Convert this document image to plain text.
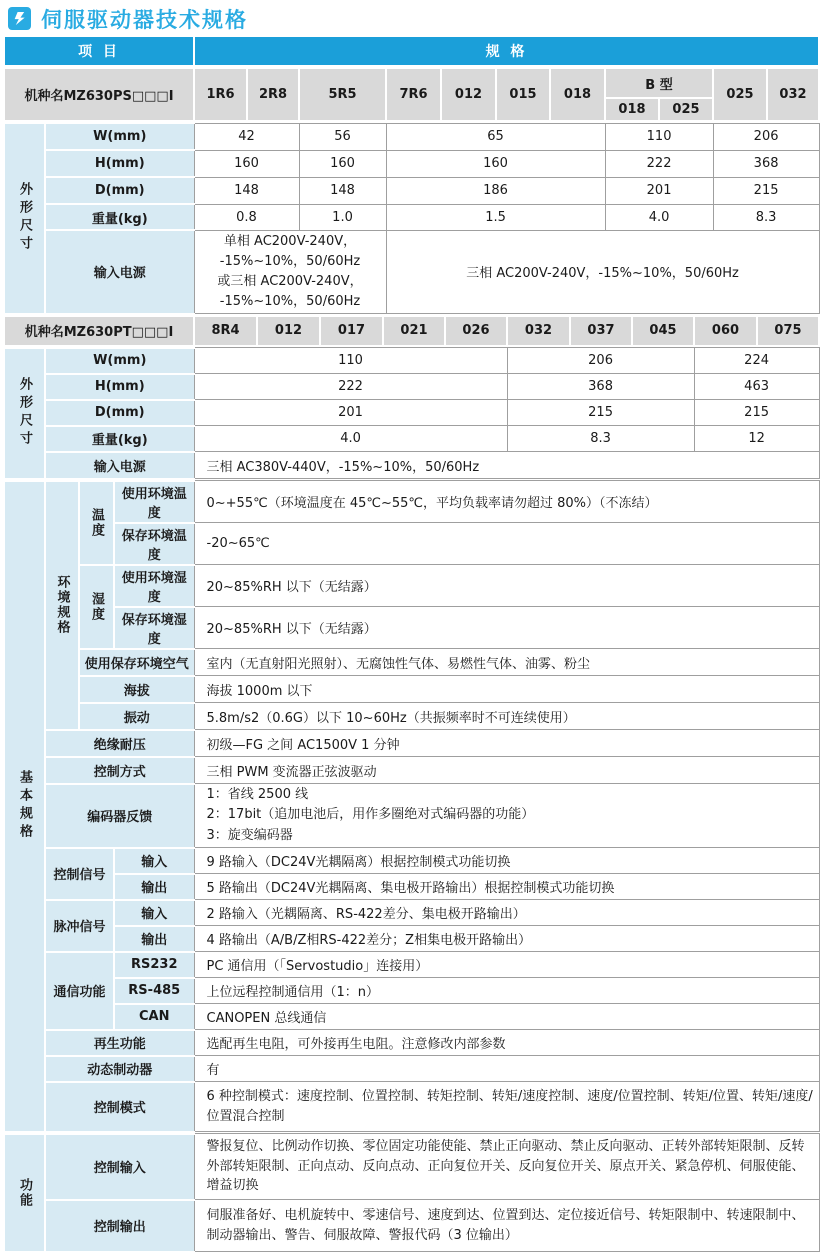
伺服驱动器技术规格
项 目	规 格
机种名MZ630PS□□□I	1R6	2R8	5R5	7R6	012	015	018	B 型		025	032
								018	025		
外形尺寸	W(mm)	42	56	65	110	206
	H(mm)	160	160	160	222	368
	D(mm)	148	148	186	201	215
	重量(kg)	0.8	1.0	1.5	4.0	8.3
	输入电源	单相 AC200V-240V，
-15%~10%，50/60Hz
或三相 AC200V-240V，
-15%~10%，50/60Hz		三相 AC200V-240V，-15%~10%，50/60Hz		
机种名MZ630PT□□□I	8R4	012	017	021	026	032	037	045	060	075
外形尺寸	W(mm)	110	206	224
	H(mm)	222	368	463
	D(mm)	201	215	215
	重量(kg)	4.0	8.3	12
	输入电源	三相 AC380V-440V，-15%~10%，50/60Hz		
基本规格	环境规格	温度	使用环境温度	0~+55℃（环境温度在 45℃~55℃，平均负载率请勿超过 80%）（不冻结）
			保存环境温度	-20~65℃

		湿度	使用环境湿度	20~85%RH 以下（无结露）
			保存环境湿度	20~85%RH 以下（无结露）
		使用保存环境空气		室内（无直射阳光照射）、无腐蚀性气体、易燃性气体、油雾、粉尘
		海拔		海拔 1000m 以下
		振动		5.8m/s2（0.6G）以下 10~60Hz（共振频率时不可连续使用）
	绝缘耐压			初级—FG 之间 AC1500V 1 分钟
	控制方式			三相 PWM 变流器正弦波驱动
	编码器反馈			1：省线 2500 线
2：17bit（追加电池后，用作多圈绝对式编码器的功能）
3：旋变编码器

	控制信号		输入	9 路输入（DC24V光耦隔离）根据控制模式功能切换
			输出	5 路输出（DC24V光耦隔离、集电极开路输出）根据控制模式功能切换
	脉冲信号		输入	2 路输入（光耦隔离、RS-422差分、集电极开路输出）
			输出	4 路输出（A/B/Z相RS-422差分；Z相集电极开路输出）
	通信功能		RS232	PC 通信用（「Servostudio」连接用）
			RS-485	上位远程控制通信用（1：n）
			CAN	CANOPEN 总线通信
	再生功能			选配再生电阻，可外接再生电阻。注意修改内部参数
	动态制动器			有
	控制模式			6 种控制模式：速度控制、位置控制、转矩控制、转矩/速度控制、速度/位置控制、转矩/位置、转矩/速度/位置混合控制
功能	控制输入	警报复位、比例动作切换、零位固定功能使能、禁止正向驱动、禁止反向驱动、正转外部转矩限制、反转外部转矩限制、正向点动、反向点动、正向复位开关、反向复位开关、原点开关、紧急停机、伺服使能、增益切换
	控制输出	伺服准备好、电机旋转中、零速信号、速度到达、位置到达、定位接近信号、转矩限制中、转速限制中、制动器输出、警告、伺服故障、警报代码（3 位输出）
